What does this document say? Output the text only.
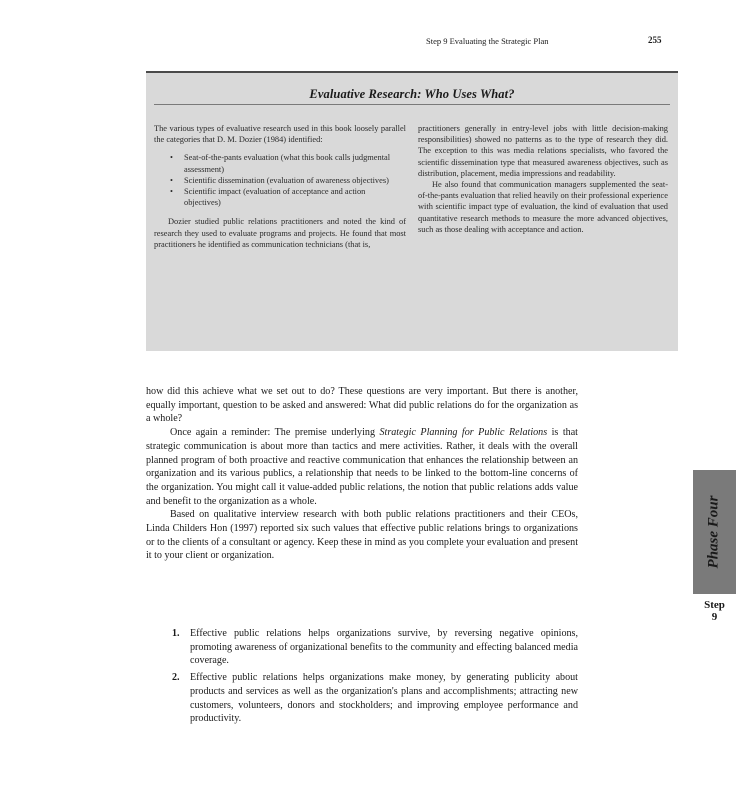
Step 9 Evaluating the Strategic Plan	255
Evaluative Research: Who Uses What?

The various types of evaluative research used in this book loosely parallel the categories that D. M. Dozier (1984) identified:

• Seat-of-the-pants evaluation (what this book calls judgmental assessment)
• Scientific dissemination (evaluation of awareness objectives)
• Scientific impact (evaluation of acceptance and action objectives)

Dozier studied public relations practitioners and noted the kind of research they used to evaluate programs and projects. He found that most practitioners he identified as communication technicians (that is,

practitioners generally in entry-level jobs with little decision-making responsibilities) showed no patterns as to the type of research they did. The exception to this was media relations specialists, who favored the scientific dissemination type that measured awareness objectives, such as distribution, placement, media impressions and readability.

He also found that communication managers supplemented the seat-of-the-pants evaluation that relied heavily on their professional experience with scientific impact type of evaluation, the kind of evaluation that used quantitative research methods to measure the more advanced objectives, such as those dealing with acceptance and action.

how did this achieve what we set out to do? These questions are very important. But there is another, equally important, question to be asked and answered: What did public relations do for the organization as a whole?

Once again a reminder: The premise underlying Strategic Planning for Public Relations is that strategic communication is about more than tactics and mere activities. Rather, it deals with the overall planned program of both proactive and reactive communication that enhances the relationship between an organization and its various publics, a relationship that needs to be linked to the bottom-line concerns of the organization. You might call it value-added public relations, the notion that public relations adds value and benefit to the organization as a whole.

Based on qualitative interview research with both public relations practitioners and their CEOs, Linda Childers Hon (1997) reported six such values that effective public relations brings to organizations or to the clients of a consultant or agency. Keep these in mind as you complete your evaluation and present it to your client or organization.

1. Effective public relations helps organizations survive, by reversing negative opinions, promoting awareness of organizational benefits to the community and effecting balanced media coverage.
2. Effective public relations helps organizations make money, by generating publicity about products and services as well as the organization's plans and accomplishments; attracting new customers, volunteers, donors and stockholders; and improving employee performance and productivity.
Phase Four
Step
9
